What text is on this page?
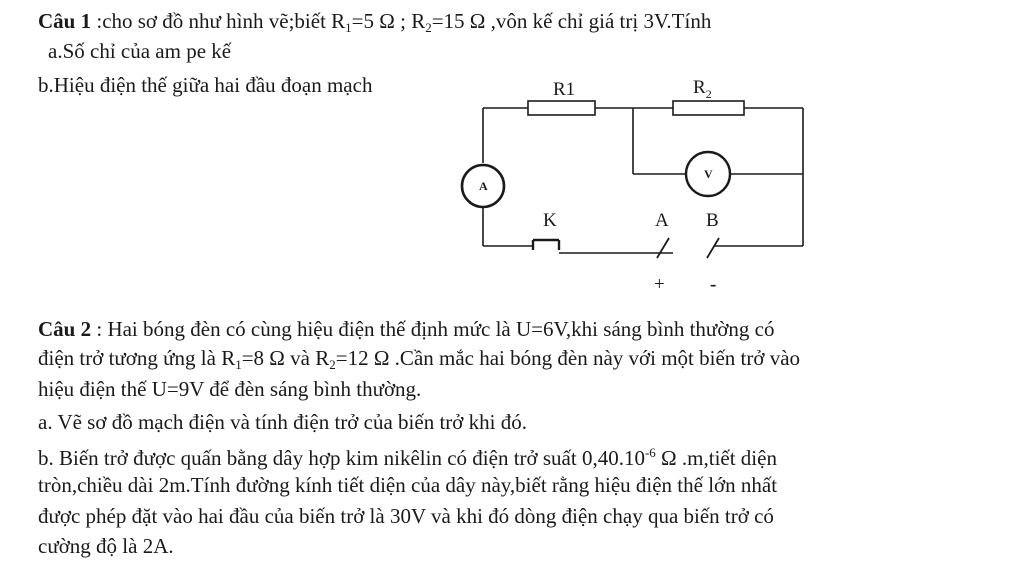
Câu 1 :cho sơ đồ như hình vẽ;biết $R_1=5$ Ω ; $R_2=15$ Ω ,vôn kế chỉ giá trị 3V.Tính
a.Số chỉ của am pe kế
b.Hiệu điện thế giữa hai đầu đoạn mạch	R1	$R_2$
V
A
K	A B
+ -
Câu 2 : Hai bóng đèn có cùng hiệu điện thế định mức là U=6V,khi sáng bình thường có
điện trở tương ứng là $R_1=8$ Ω và $R_2=12$ Ω .Cần mắc hai bóng đèn này với một biến trở vào
hiệu điện thế U=9V để đèn sáng bình thường.
a. Vẽ sơ đồ mạch điện và tính điện trở của biến trở khi đó.
b. Biến trở được quấn bằng dây hợp kim nikêlin có điện trở suất $0,40.10^{-6}$ Ω .m,tiết diện
tròn,chiều dài 2m.Tính đường kính tiết diện của dây này,biết rằng hiệu điện thế lớn nhất
được phép đặt vào hai đầu của biến trở là 30V và khi đó dòng điện chạy qua biến trở có
cường độ là 2A.
